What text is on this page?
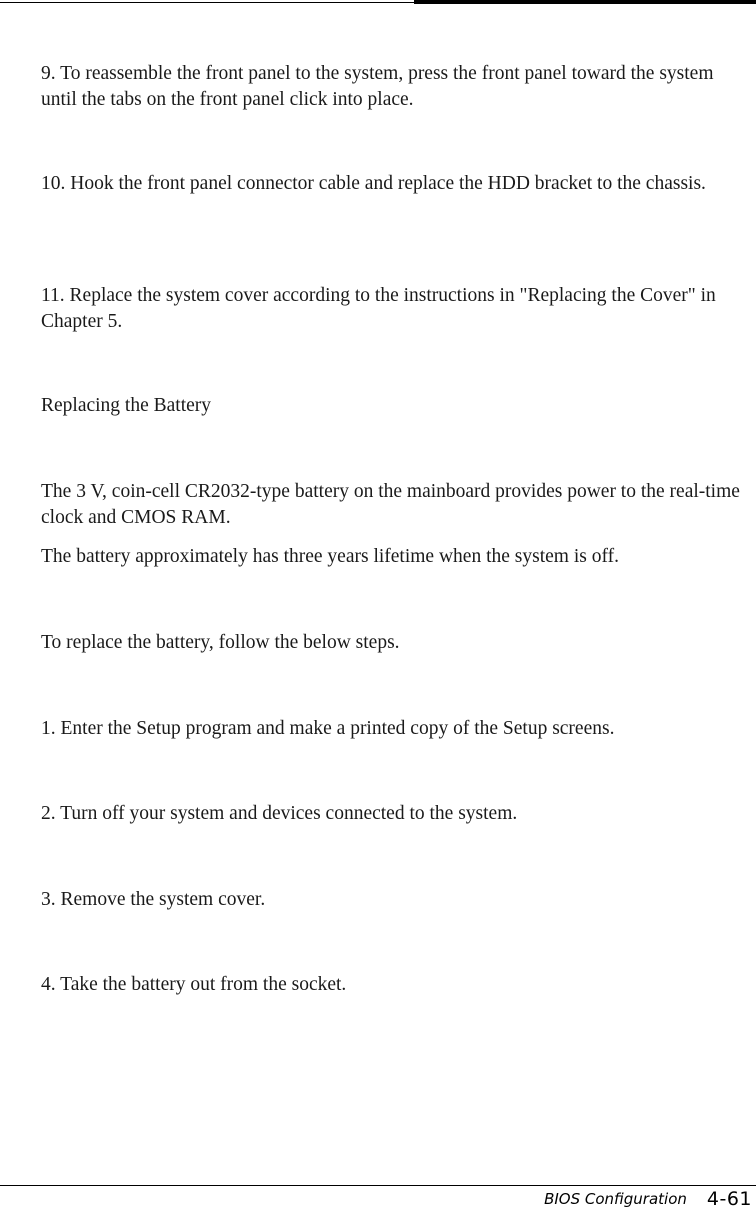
9. To reassemble the front panel to the system, press the front panel toward the system until the tabs on the front panel click into place.

10. Hook the front panel connector cable and replace the HDD bracket to the chassis.

11. Replace the system cover according to the instructions in "Replacing the Cover" in Chapter 5.

Replacing the Battery

The 3 V, coin-cell CR2032-type battery on the mainboard provides power to the real-time clock and CMOS RAM.

The battery approximately has three years lifetime when the system is off.

To replace the battery, follow the below steps.

1. Enter the Setup program and make a printed copy of the Setup screens.

2. Turn off your system and devices connected to the system.

3. Remove the system cover.

4. Take the battery out from the socket.

BIOS Configuration 4-61
